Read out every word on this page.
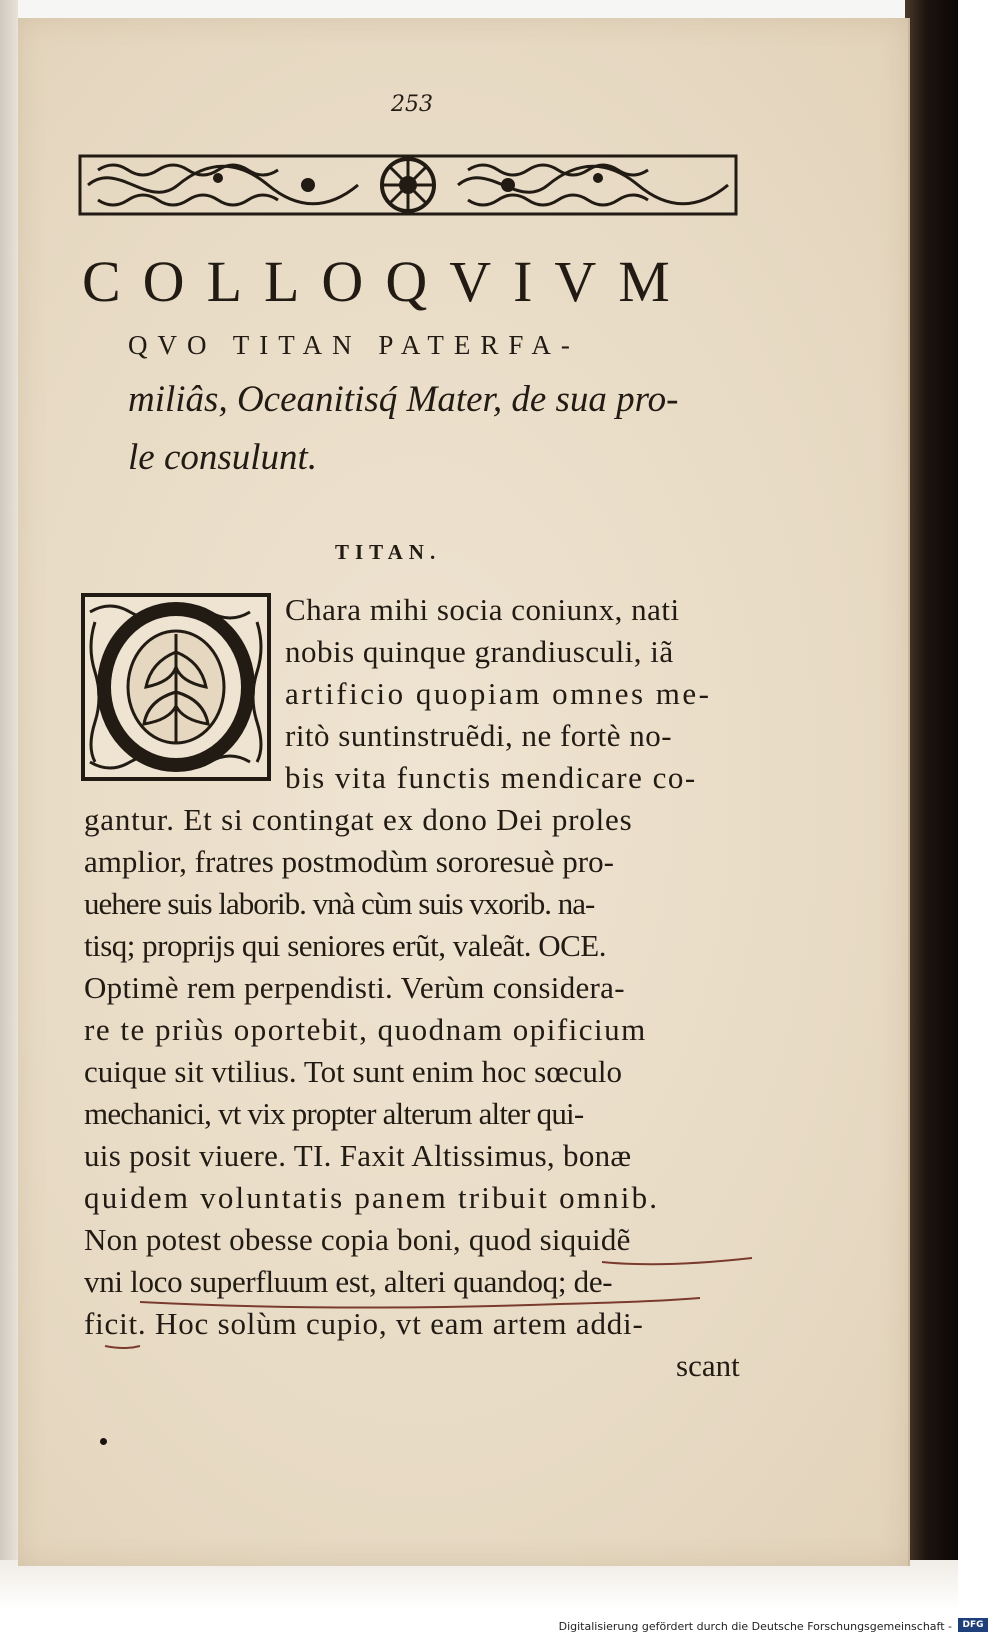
253
COLLOQVIVM
QVO TITAN PATERFA-
miliâs, Oceanitisq́ Mater, de sua pro-
le consulunt.
TITAN.
Chara mihi socia coniunx, nati
nobis quinque grandiusculi, iã
artificio quopiam omnes me-
ritò suntinstruẽdi, ne fortè no-
bis vita functis mendicare co-
gantur. Et si contingat ex dono Dei proles
amplior, fratres postmodùm sororesuè pro-
uehere suis laborib. vnà cùm suis vxorib. na-
tisq; proprijs qui seniores erũt, valeãt. OCE.
Optimè rem perpendisti. Verùm considera-
re te priùs oportebit, quodnam opificium
cuique sit vtilius. Tot sunt enim hoc sœculo
mechanici, vt vix propter alterum alter qui-
uis posit viuere. TI. Faxit Altissimus, bonæ
quidem voluntatis panem tribuit omnib.
Non potest obesse copia boni, quod siquidẽ
vni loco superfluum est, alteri quandoq; de-
ficit. Hoc solùm cupio, vt eam artem addi-
scant
Digitalisierung gefördert durch die Deutsche Forschungsgemeinschaft -	DFG
